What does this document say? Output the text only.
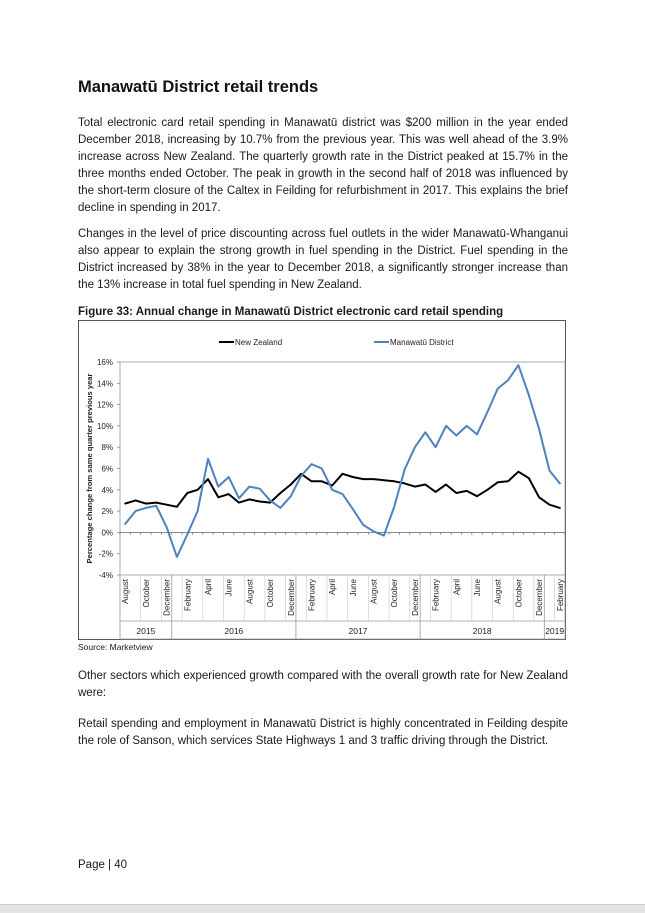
Manawatū District retail trends

Total electronic card retail spending in Manawatū district was $200 million in the year ended December 2018, increasing by 10.7% from the previous year. This was well ahead of the 3.9% increase across New Zealand. The quarterly growth rate in the District peaked at 15.7% in the three months ended October. The peak in growth in the second half of 2018 was influenced by the short-term closure of the Caltex in Feilding for refurbishment in 2017. This explains the brief decline in spending in 2017.

Changes in the level of price discounting across fuel outlets in the wider Manawatū-Whanganui also appear to explain the strong growth in fuel spending in the District. Fuel spending in the District increased by 38% in the year to December 2018, a significantly stronger increase than the 13% increase in total fuel spending in New Zealand.

Figure 33: Annual change in Manawatū District electronic card retail spending

-4%
-2%
0%
2%
4%
6%
8%
10%
12%
14%
16%
Percentage change from same quarter previous year
August October December February April June August October December February April June August October December February April June August October December February
2015	2016	2017	2018	2019
New Zealand	Manawatū District

Source: Marketview

Other sectors which experienced growth compared with the overall growth rate for New Zealand were:

Retail spending and employment in Manawatū District is highly concentrated in Feilding despite the role of Sanson, which services State Highways 1 and 3 traffic driving through the District.

Page | 40
